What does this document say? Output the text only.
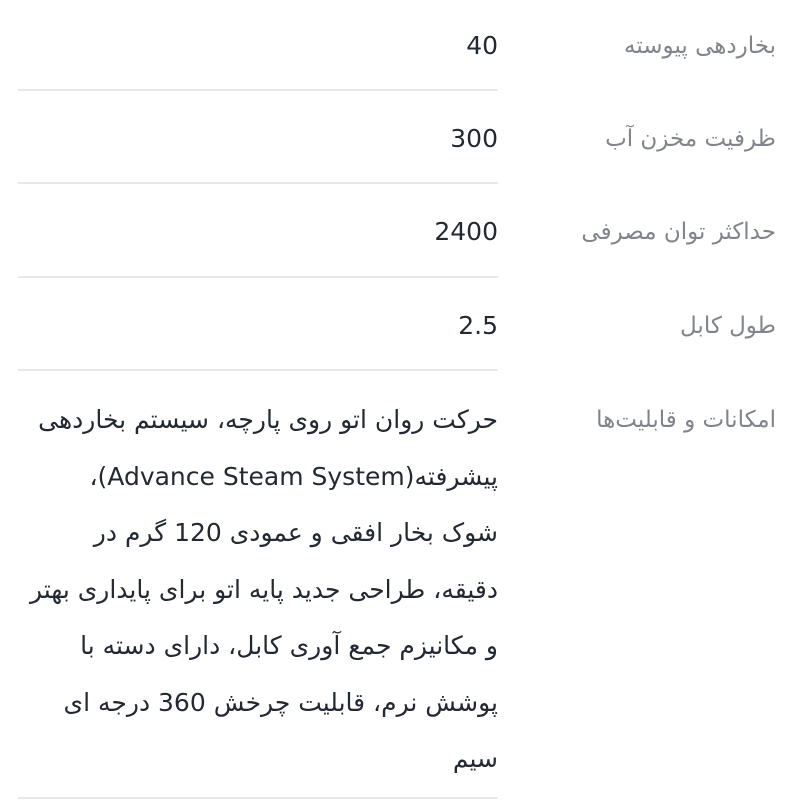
بخاردهی پیوسته
40
ظرفیت مخزن آب
300
حداکثر توان مصرفی
2400
طول کابل
2.5
امکانات و قابلیت‌ها
حرکت روان اتو روی پارچه، سیستم بخاردهی پیشرفته(Advance Steam System)، شوک بخار افقی و عمودی 120 گرم در دقیقه، طراحی جدید پایه اتو برای پایداری بهتر و مکانیزم جمع آوری کابل، دارای دسته با پوشش نرم، قابلیت چرخش 360 درجه ای سیم
